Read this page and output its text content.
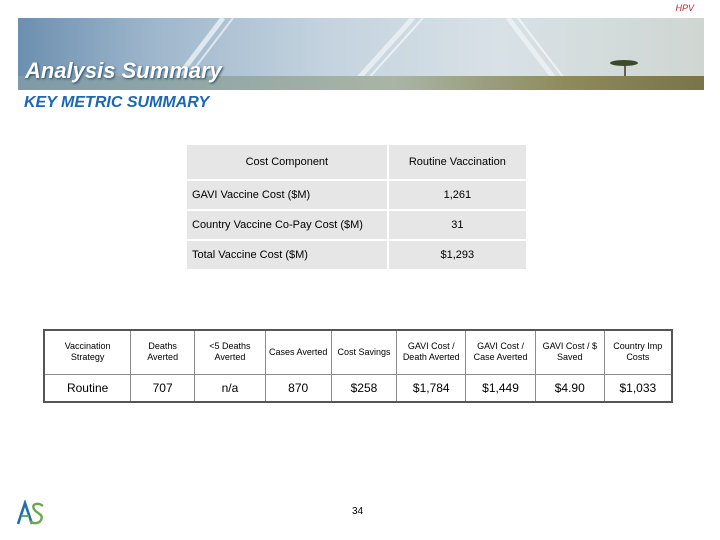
HPV
Analysis Summary
KEY METRIC SUMMARY
Cost Component	Routine Vaccination
GAVI Vaccine Cost ($M)	1,261
Country Vaccine Co-Pay Cost ($M)	31
Total Vaccine Cost ($M)	$1,293
Vaccination Strategy	Deaths Averted	<5 Deaths Averted	Cases Averted	Cost Savings	GAVI Cost / Death Averted	GAVI Cost / Case Averted	GAVI Cost / $ Saved	Country Imp Costs
Routine	707	n/a	870	$258	$1,784	$1,449	$4.90	$1,033
34
